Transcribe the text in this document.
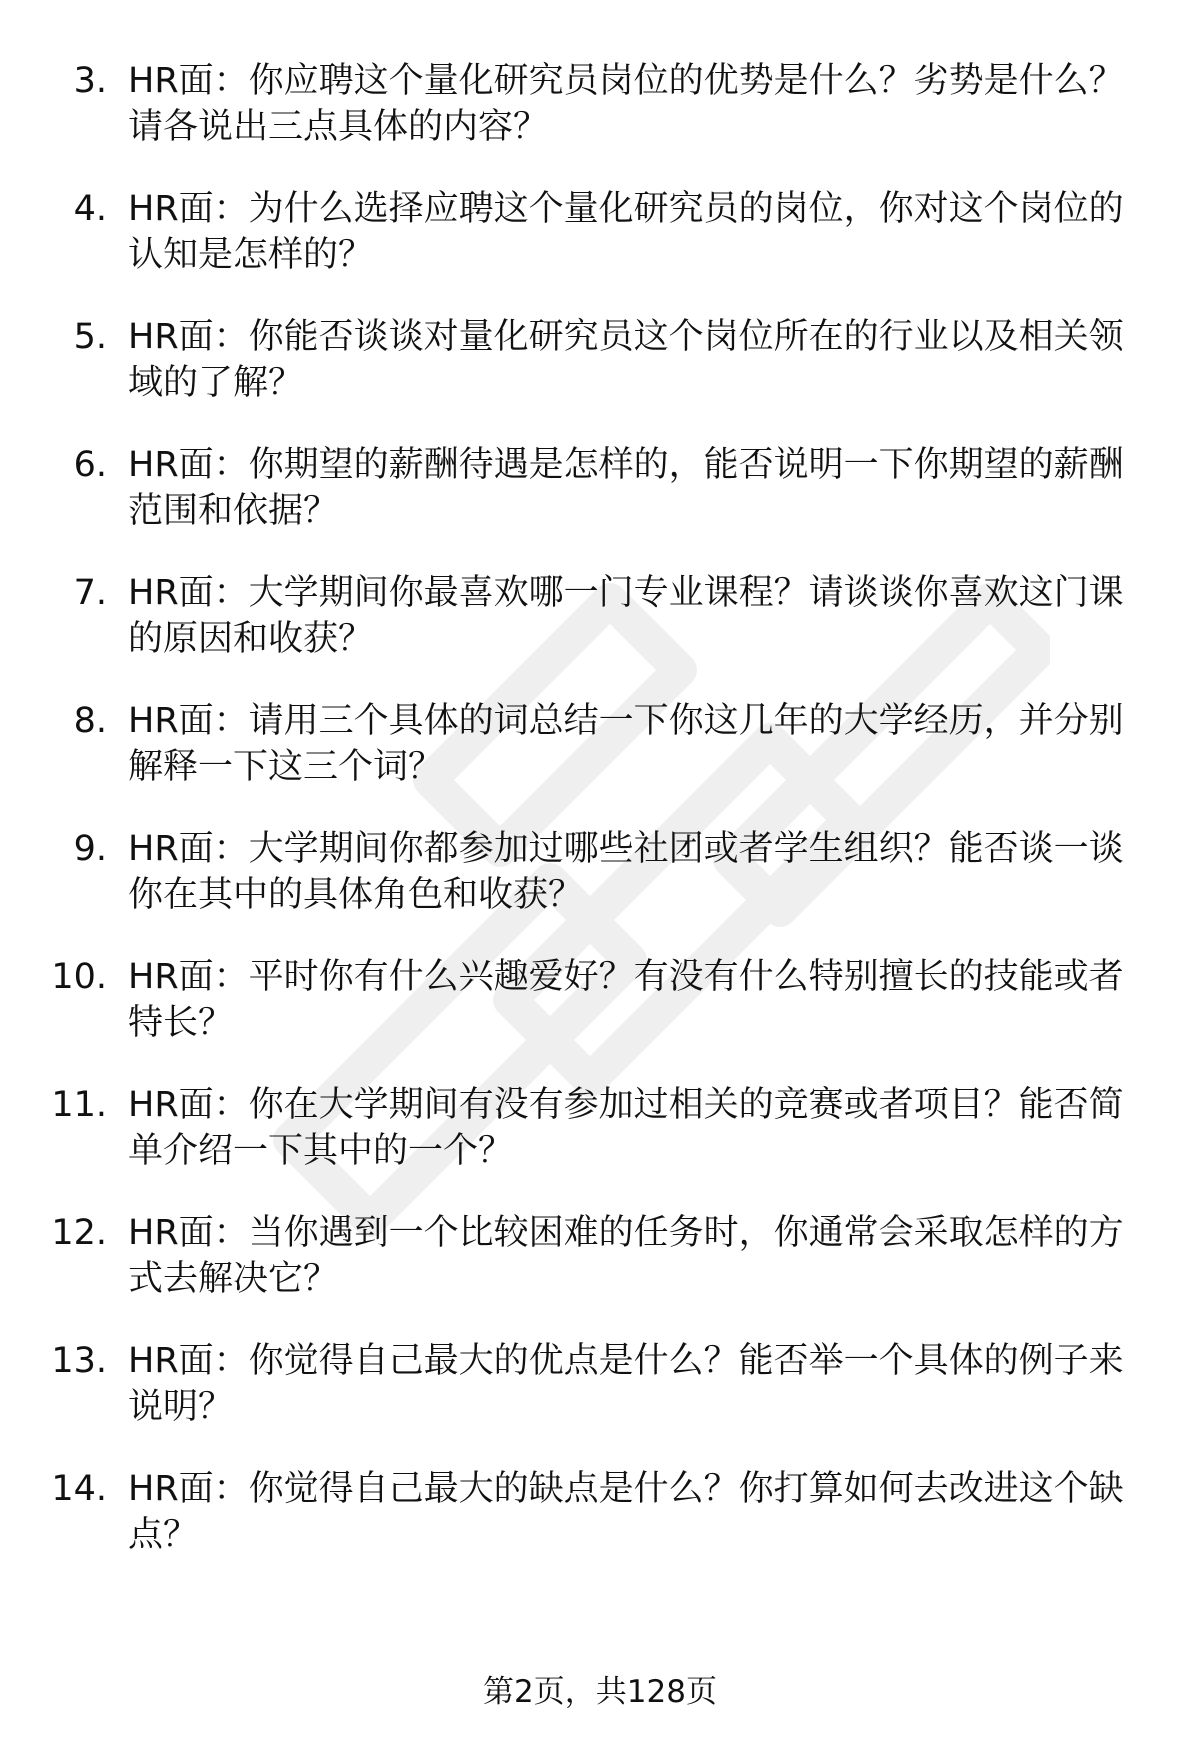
3. HR面：你应聘这个量化研究员岗位的优势是什么？劣势是什么？请各说出三点具体的内容？
4. HR面：为什么选择应聘这个量化研究员的岗位，你对这个岗位的认知是怎样的？
5. HR面：你能否谈谈对量化研究员这个岗位所在的行业以及相关领域的了解？
6. HR面：你期望的薪酬待遇是怎样的，能否说明一下你期望的薪酬范围和依据？
7. HR面：大学期间你最喜欢哪一门专业课程？请谈谈你喜欢这门课的原因和收获？
8. HR面：请用三个具体的词总结一下你这几年的大学经历，并分别解释一下这三个词？
9. HR面：大学期间你都参加过哪些社团或者学生组织？能否谈一谈你在其中的具体角色和收获？
10. HR面：平时你有什么兴趣爱好？有没有什么特别擅长的技能或者特长？
11. HR面：你在大学期间有没有参加过相关的竞赛或者项目？能否简单介绍一下其中的一个？
12. HR面：当你遇到一个比较困难的任务时，你通常会采取怎样的方式去解决它？
13. HR面：你觉得自己最大的优点是什么？能否举一个具体的例子来说明？
14. HR面：你觉得自己最大的缺点是什么？你打算如何去改进这个缺点？
第2页，共128页
